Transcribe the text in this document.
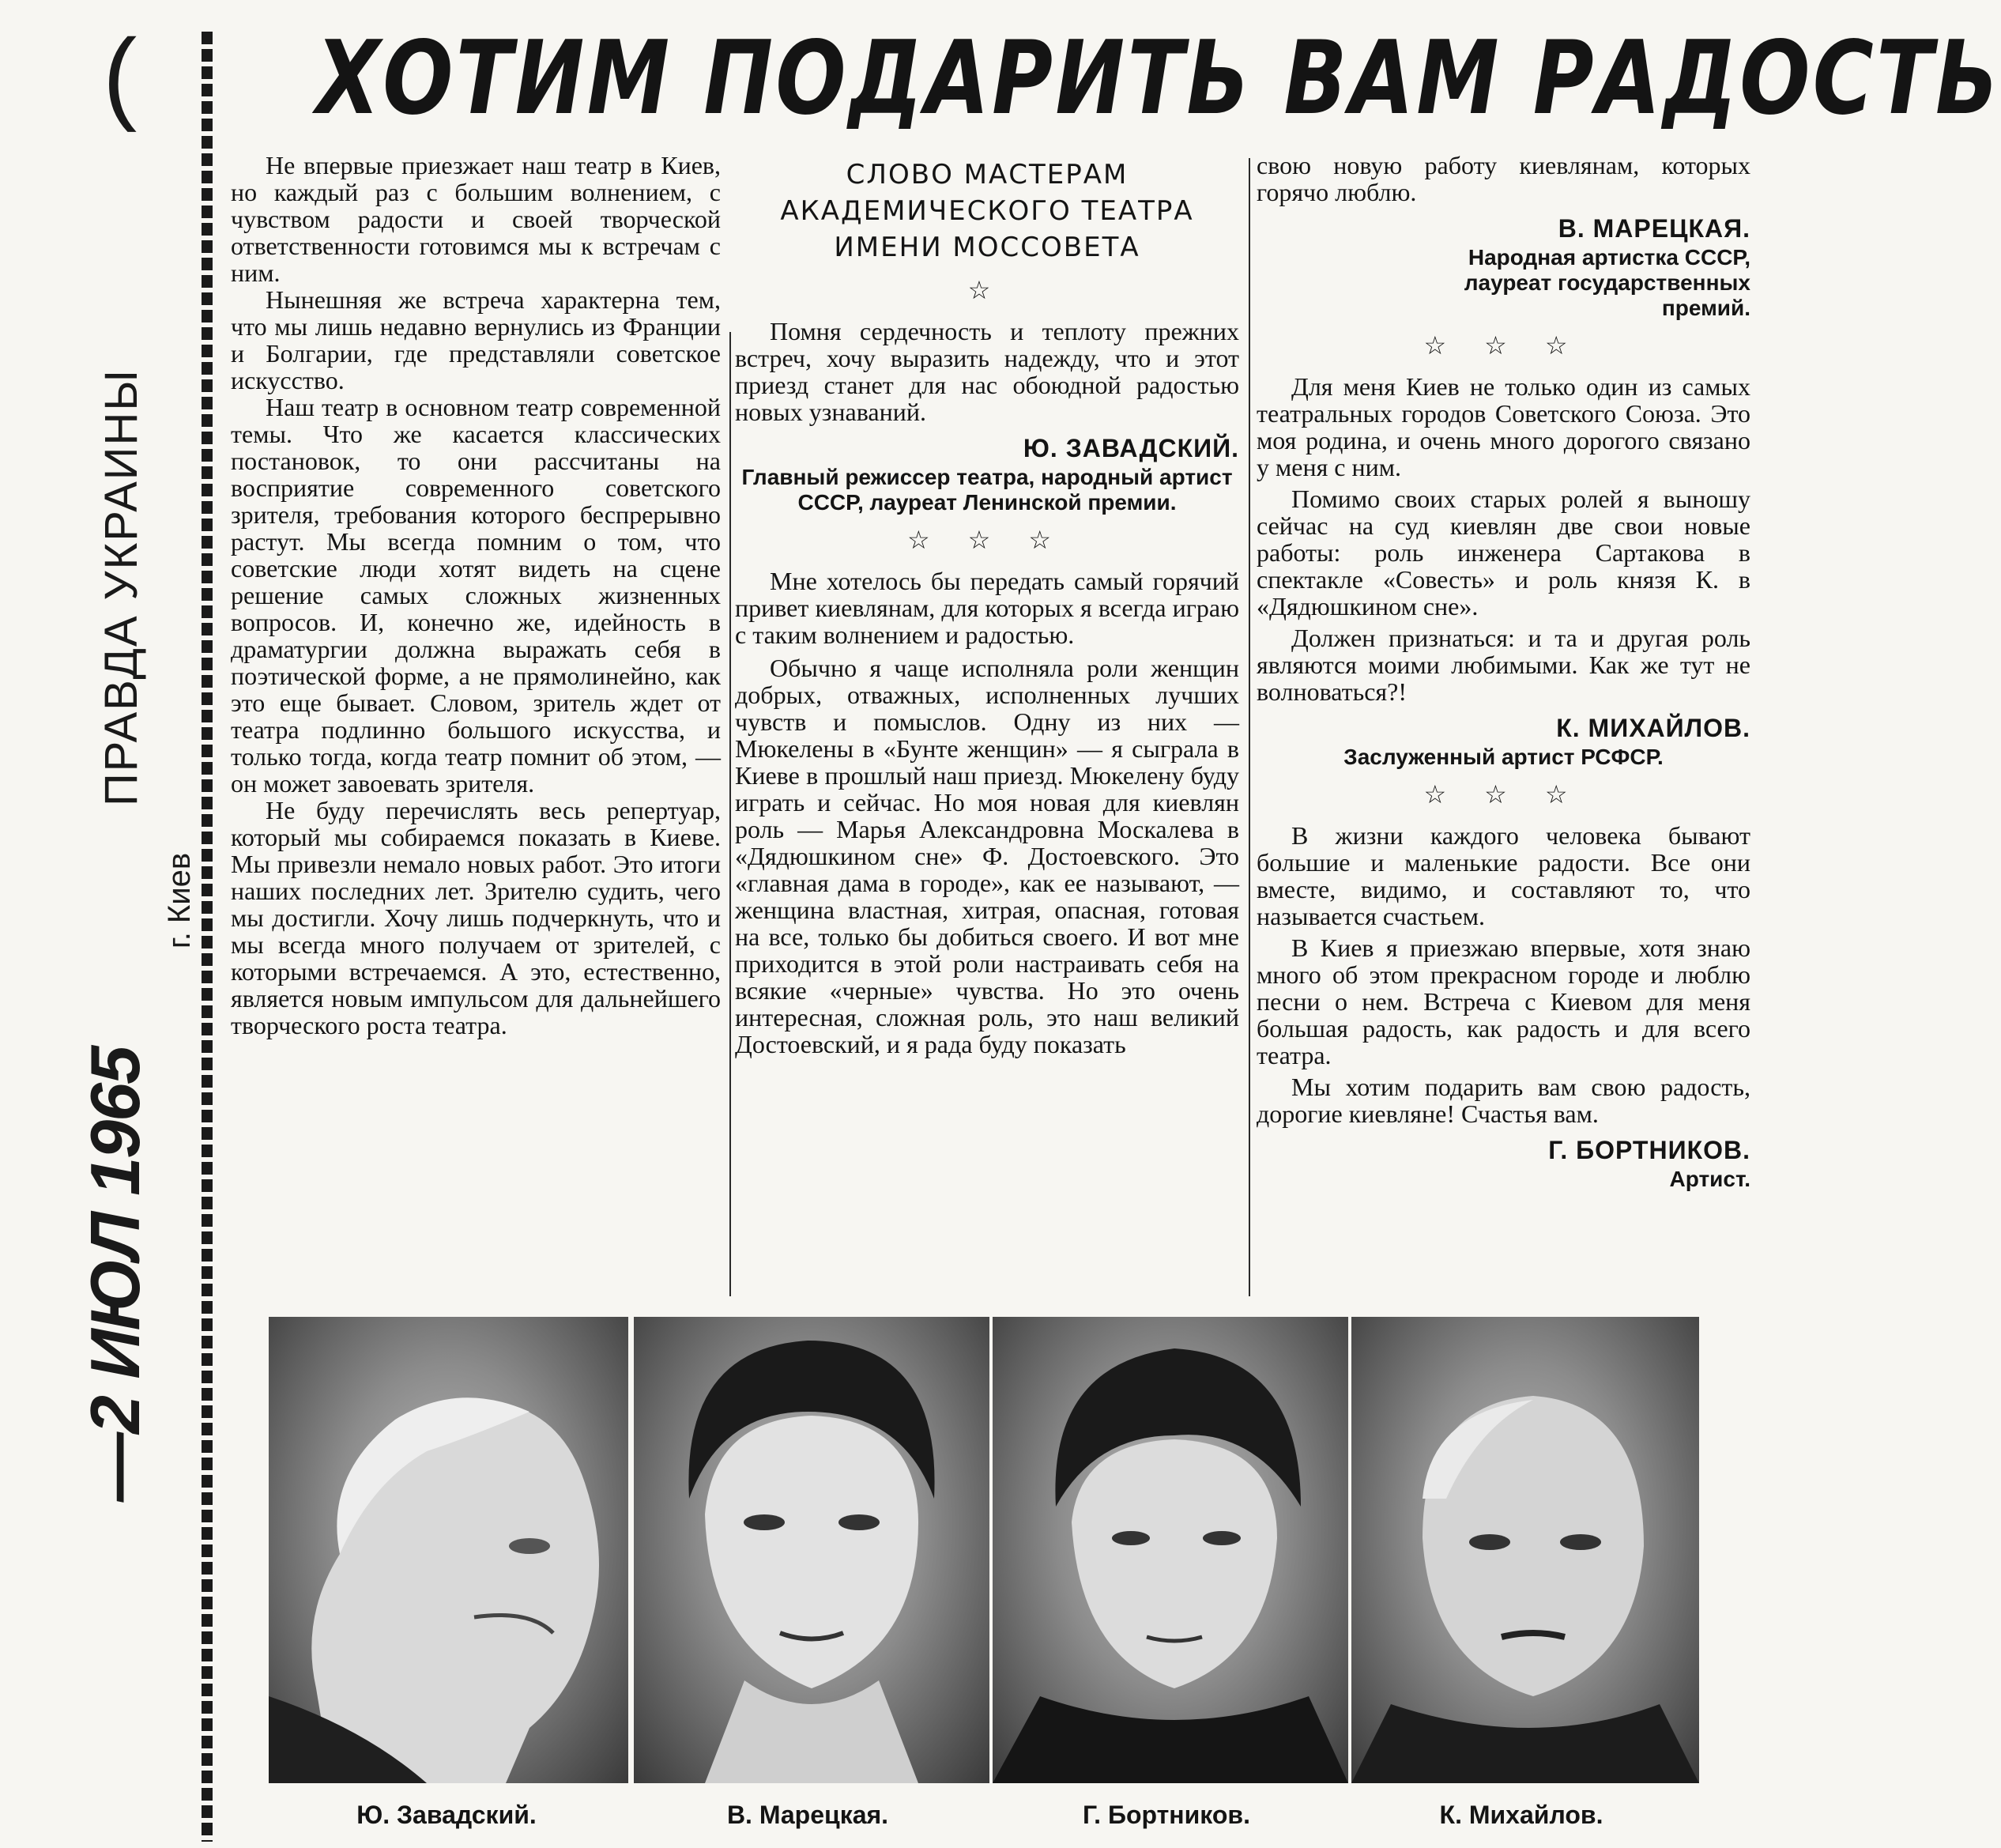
(
ПРАВДА УКРАИНЫ
г. Киев
—2 ИЮЛ 1965
ХОТИМ ПОДАРИТЬ ВАМ РАДОСТЬ

Не впервые приезжает наш театр в Киев, но каждый раз с большим волнением, с чувством радости и своей творческой ответственности готовимся мы к встречам с ним.

Нынешняя же встреча характерна тем, что мы лишь недавно вернулись из Франции и Болгарии, где представляли советское искусство.

Наш театр в основном театр современной темы. Что же касается классических постановок, то они рассчитаны на восприятие современного советского зрителя, требования которого беспрерывно растут. Мы всегда помним о том, что советские люди хотят видеть на сцене решение самых сложных жизненных вопросов. И, конечно же, идейность в драматургии должна выражать себя в поэтической форме, а не прямолинейно, как это еще бывает. Словом, зритель ждет от театра подлинно большого искусства, и только тогда, когда театр помнит об этом, — он может завоевать зрителя.

Не буду перечислять весь репертуар, который мы собираемся показать в Киеве. Мы привезли немало новых работ. Это итоги наших последних лет. Зрителю судить, чего мы достигли. Хочу лишь подчеркнуть, что и мы всегда много получаем от зрителей, с которыми встречаемся. А это, естественно, является новым импульсом для дальнейшего творческого роста театра.

СЛОВО МАСТЕРАМ
АКАДЕМИЧЕСКОГО ТЕАТРА
ИМЕНИ МОССОВЕТА
☆

Помня сердечность и теплоту прежних встреч, хочу выразить надежду, что и этот приезд станет для нас обоюдной радостью новых узнаваний.

Ю. ЗАВАДСКИЙ.
Главный режиссер театра, народный артист СССР, лауреат Ленинской премии.
☆ ☆ ☆

Мне хотелось бы передать самый горячий привет киевлянам, для которых я всегда играю с таким волнением и радостью.

Обычно я чаще исполняла роли женщин добрых, отважных, исполненных лучших чувств и помыслов. Одну из них — Мюкелены в «Бунте женщин» — я сыграла в Киеве в прошлый наш приезд. Мюкелену буду играть и сейчас. Но моя новая для киевлян роль — Марья Александровна Москалева в «Дядюшкином сне» Ф. Достоевского. Это «главная дама в городе», как ее называют, — женщина властная, хитрая, опасная, готовая на все, только бы добиться своего. И вот мне приходится в этой роли настраивать себя на всякие «черные» чувства. Но это очень интересная, сложная роль, это наш великий Достоевский, и я рада буду показать

свою новую работу киевлянам, которых горячо люблю.

В. МАРЕЦКАЯ.
Народная артистка СССР, лауреат государственных премий.
☆ ☆ ☆

Для меня Киев не только один из самых театральных городов Советского Союза. Это моя родина, и очень много дорогого связано у меня с ним.

Помимо своих старых ролей я выношу сейчас на суд киевлян две свои новые работы: роль инженера Сартакова в спектакле «Совесть» и роль князя К. в «Дядюшкином сне».

Должен признаться: и та и другая роль являются моими любимыми. Как же тут не волноваться?!

К. МИХАЙЛОВ.
Заслуженный артист РСФСР.
☆ ☆ ☆

В жизни каждого человека бывают большие и маленькие радости. Все они вместе, видимо, и составляют то, что называется счастьем.

В Киев я приезжаю впервые, хотя знаю много об этом прекрасном городе и люблю песни о нем. Встреча с Киевом для меня большая радость, как радость и для всего театра.

Мы хотим подарить вам свою радость, дорогие киевляне! Счастья вам.

Г. БОРТНИКОВ.
Артист.
Ю. Завадский.	В. Марецкая.	Г. Бортников.	К. Михайлов.
